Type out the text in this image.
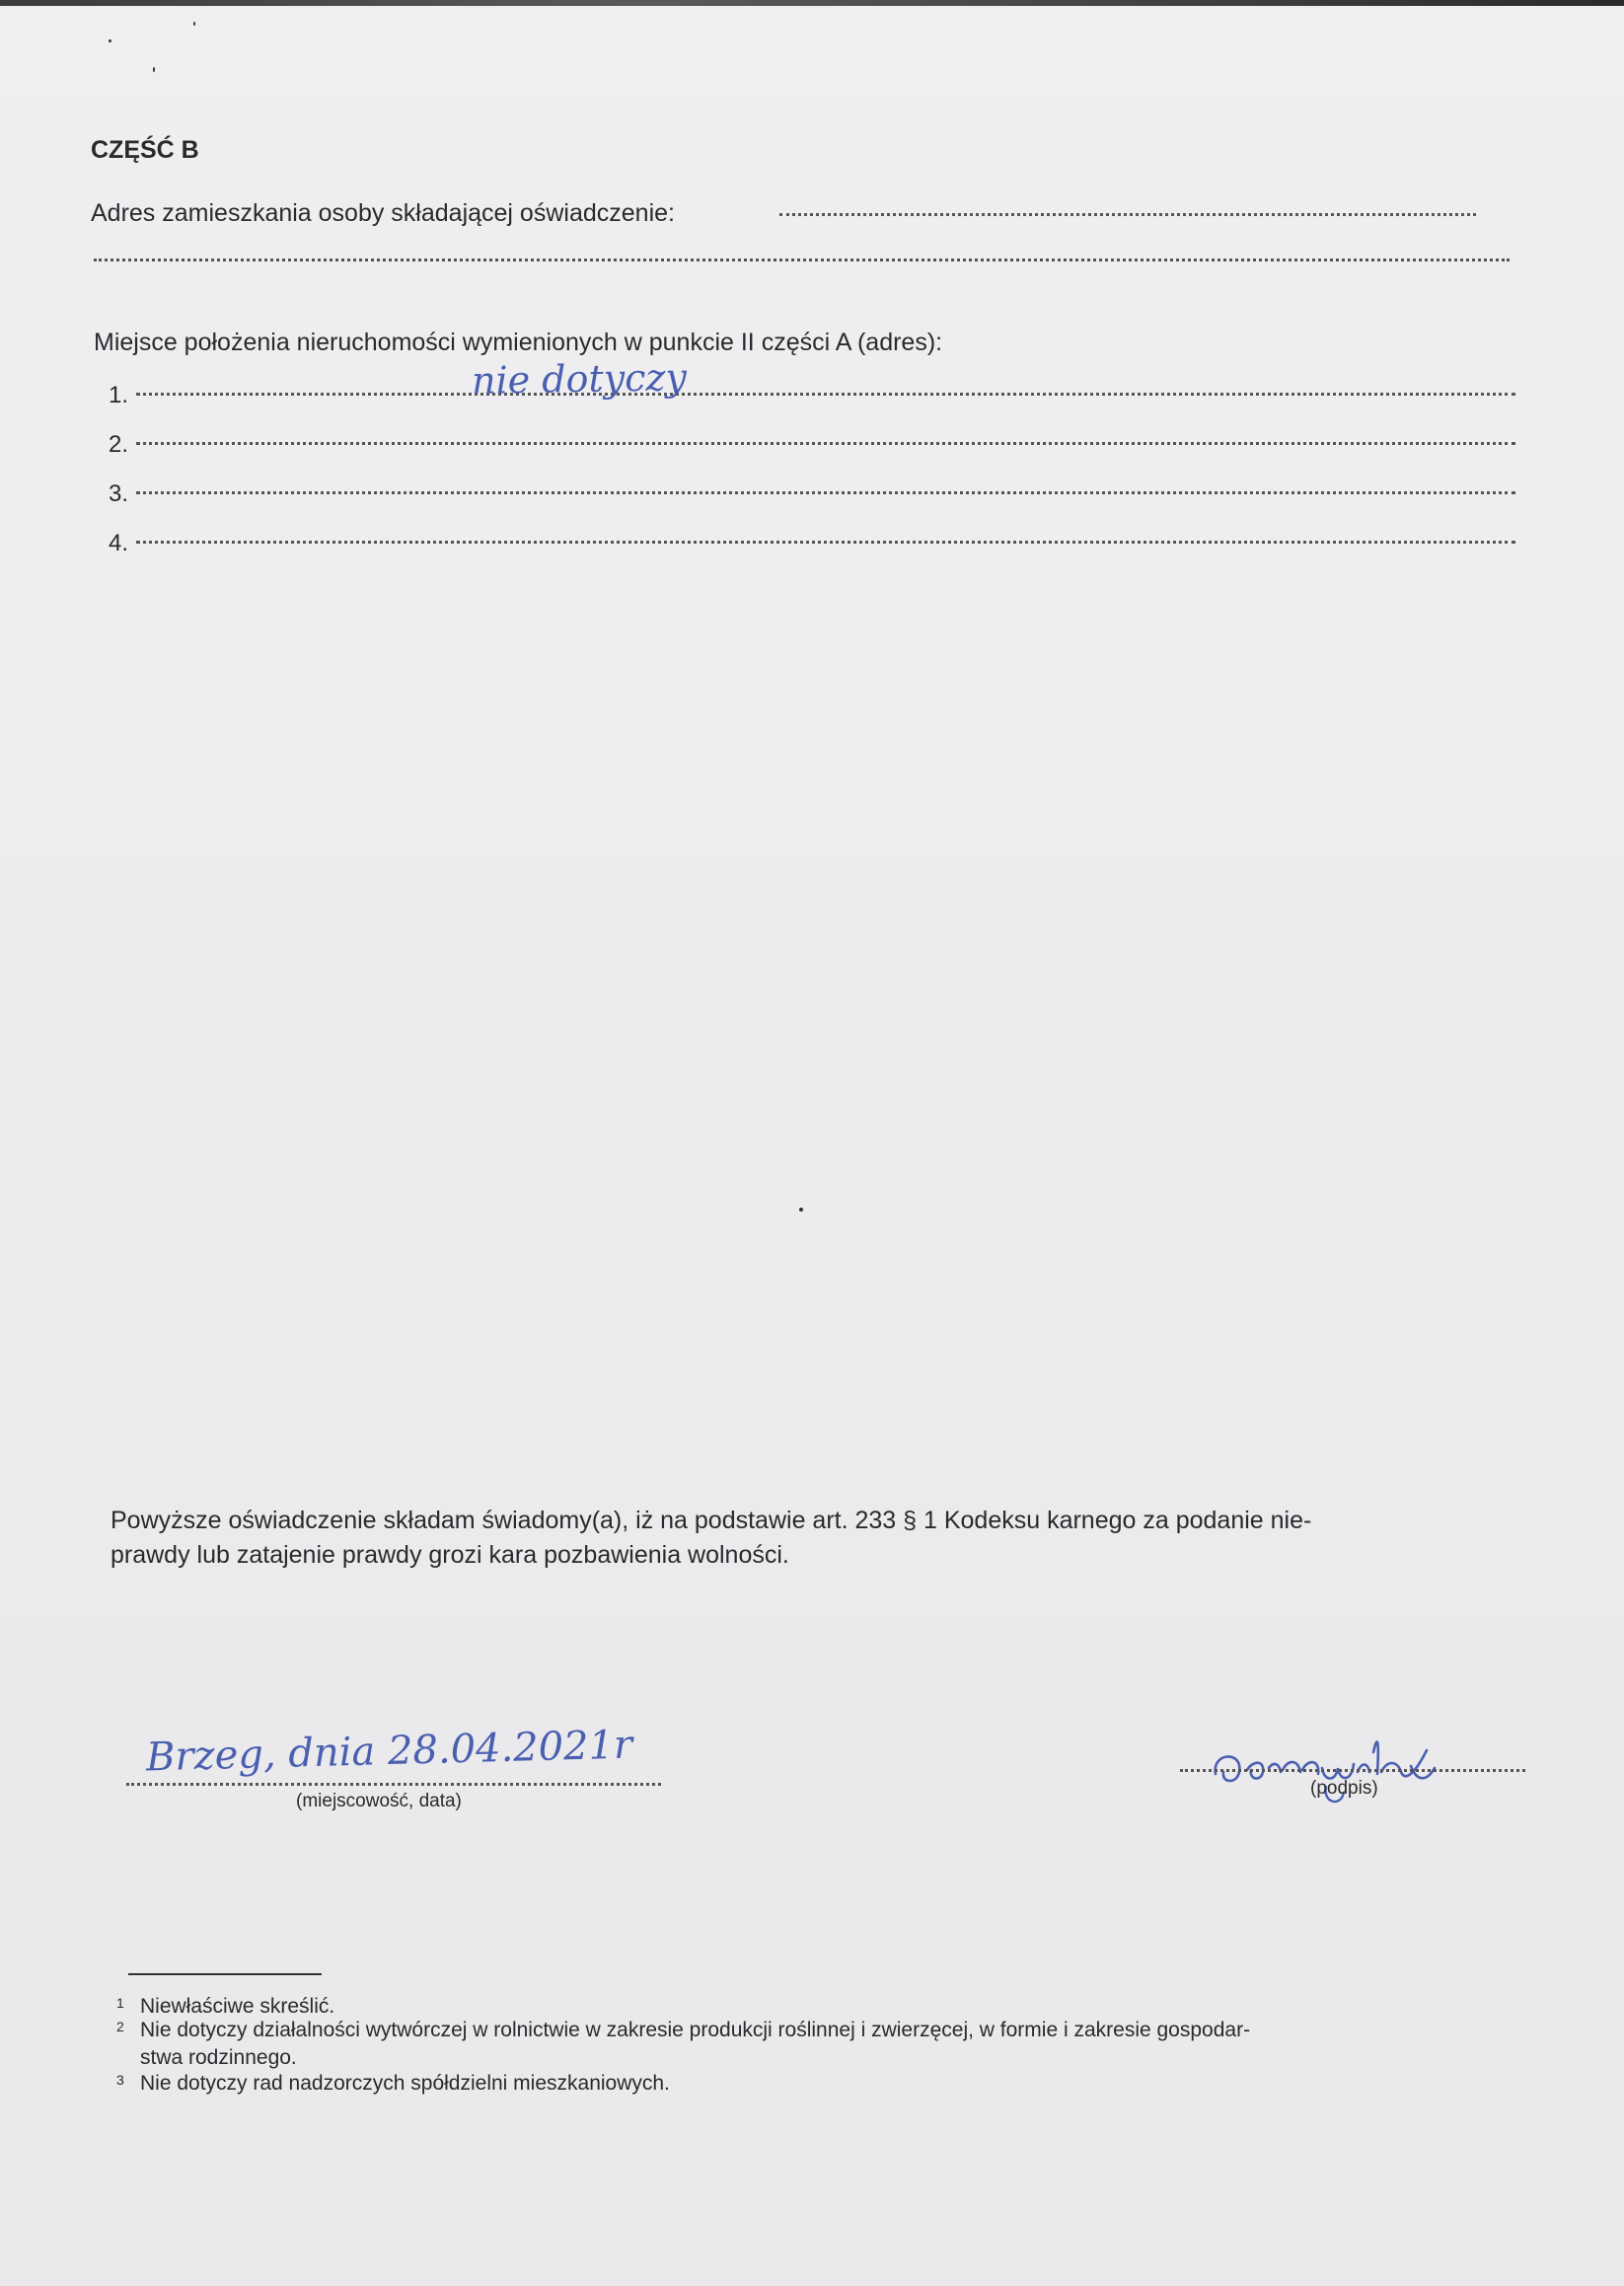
CZĘŚĆ B
Adres zamieszkania osoby składającej oświadczenie:
Miejsce położenia nieruchomości wymienionych w punkcie II części A (adres):
1.	nie dotyczy
2.
3.
4.
Powyższe oświadczenie składam świadomy(a), iż na podstawie art. 233 § 1 Kodeksu karnego za podanie nie-
prawdy lub zatajenie prawdy grozi kara pozbawienia wolności.
Brzeg, dnia 28.04.2021r
(miejscowość, data)
(podpis)
1 Niewłaściwe skreślić.
2 Nie dotyczy działalności wytwórczej w rolnictwie w zakresie produkcji roślinnej i zwierzęcej, w formie i zakresie gospodar-
stwa rodzinnego.
3 Nie dotyczy rad nadzorczych spółdzielni mieszkaniowych.
